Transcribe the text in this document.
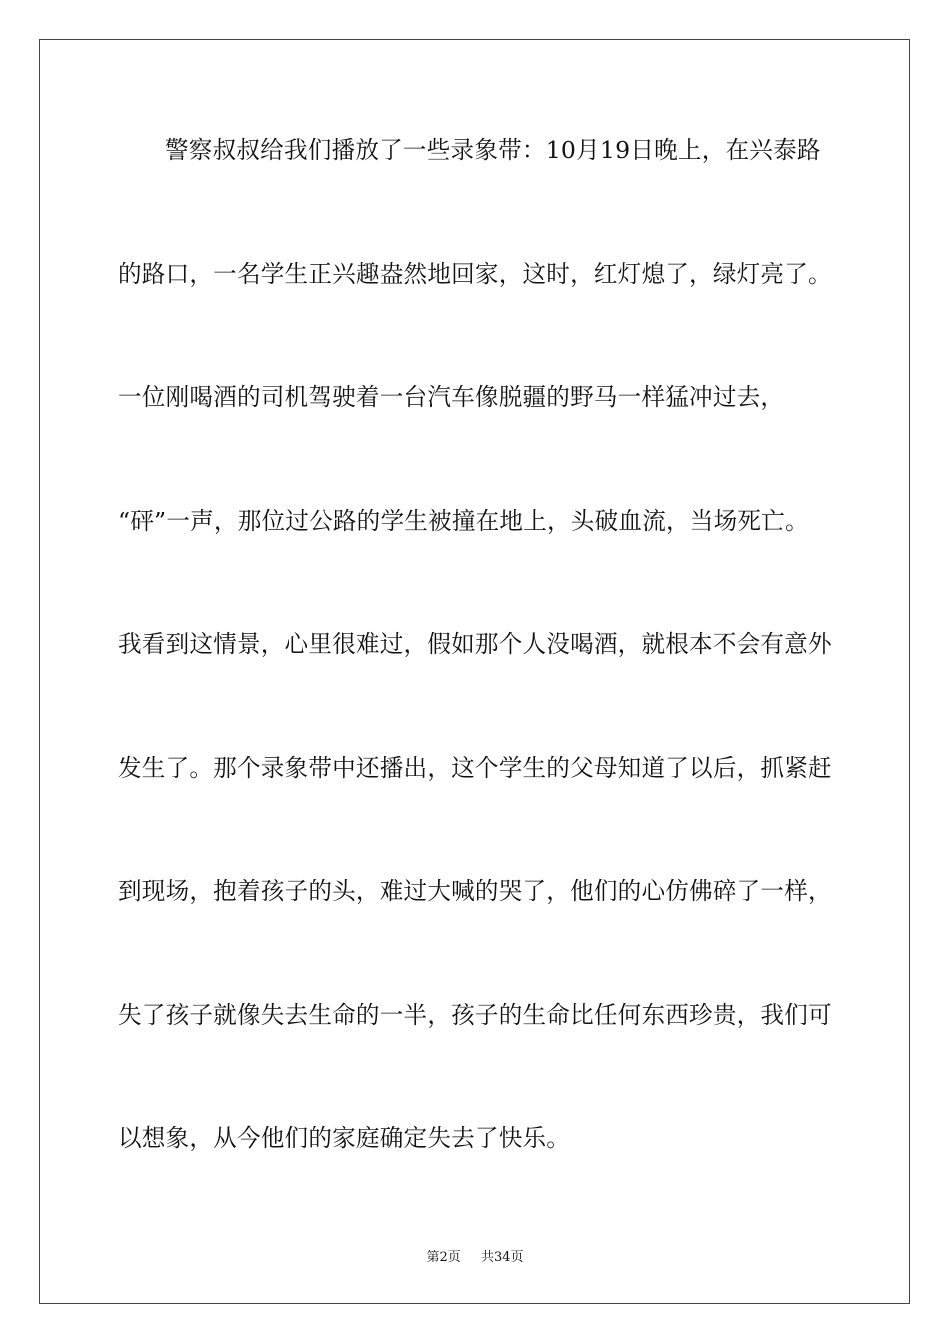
警察叔叔给我们播放了一些录象带：10月19日晚上，在兴泰路
的路口，一名学生正兴趣盎然地回家，这时，红灯熄了，绿灯亮了。
一位刚喝酒的司机驾驶着一台汽车像脱疆的野马一样猛冲过去，
“砰”一声，那位过公路的学生被撞在地上，头破血流，当场死亡。
我看到这情景，心里很难过，假如那个人没喝酒，就根本不会有意外
发生了。那个录象带中还播出，这个学生的父母知道了以后，抓紧赶
到现场，抱着孩子的头，难过大喊的哭了，他们的心仿佛碎了一样，
失了孩子就像失去生命的一半，孩子的生命比任何东西珍贵，我们可
以想象，从今他们的家庭确定失去了快乐。
第2页 共34页
